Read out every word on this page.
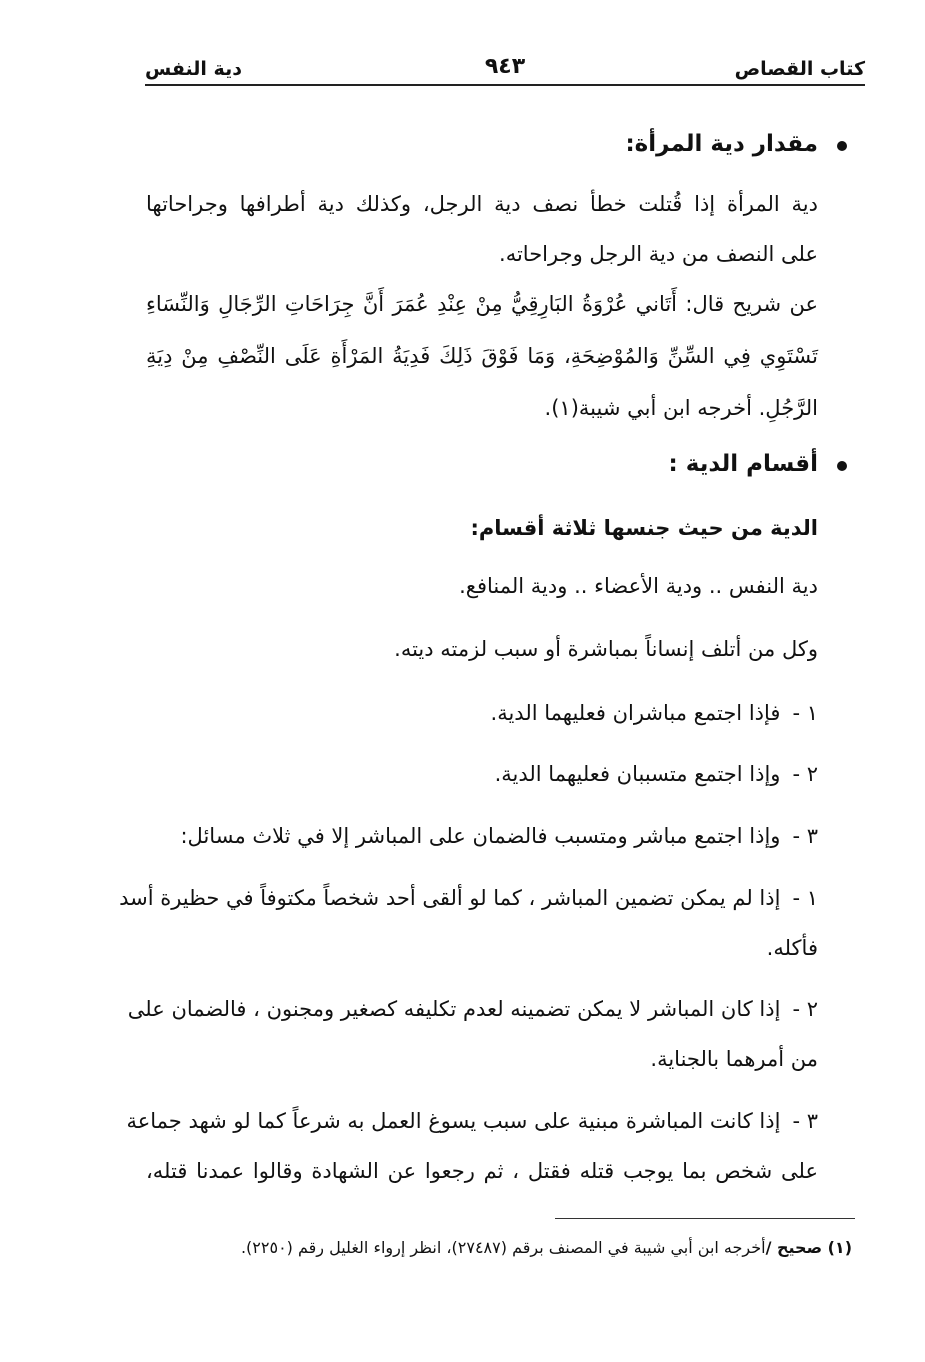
كتاب القصاص
٩٤٣
دية النفس
مقدار دية المرأة:
دية المرأة إذا قُتلت خطأ نصف دية الرجل، وكذلك دية أطرافها وجراحاتها
على النصف من دية الرجل وجراحاته.
عن شريح قال: أَتَاني عُرْوَةُ البَارِقِيُّ مِنْ عِنْدِ عُمَرَ أَنَّ جِرَاحَاتِ الرِّجَالِ وَالنِّسَاءِ
تَسْتَوِي فِي السِّنِّ وَالمُوْضِحَةِ، وَمَا فَوْقَ ذَلِكَ فَدِيَةُ المَرْأَةِ عَلَى النِّصْفِ مِنْ دِيَةِ
الرَّجُلِ. أخرجه ابن أبي شيبة(١).
أقسام الدية :
الدية من حيث جنسها ثلاثة أقسام:
دية النفس .. ودية الأعضاء .. ودية المنافع.
وكل من أتلف إنساناً بمباشرة أو سبب لزمته ديته.
١ -فإذا اجتمع مباشران فعليهما الدية.
٢ -وإذا اجتمع متسببان فعليهما الدية.
٣ -وإذا اجتمع مباشر ومتسبب فالضمان على المباشر إلا في ثلاث مسائل:
١ -إذا لم يمكن تضمين المباشر ، كما لو ألقى أحد شخصاً مكتوفاً في حظيرة أسد
فأكله.
٢ -إذا كان المباشر لا يمكن تضمينه لعدم تكليفه كصغير ومجنون ، فالضمان على
من أمرهما بالجناية.
٣ -إذا كانت المباشرة مبنية على سبب يسوغ العمل به شرعاً كما لو شهد جماعة
على شخص بما يوجب قتله فقتل ، ثم رجعوا عن الشهادة وقالوا عمدنا قتله،
(١) صحيح /أخرجه ابن أبي شيبة في المصنف برقم (٢٧٤٨٧)، انظر إرواء الغليل رقم (٢٢٥٠).
